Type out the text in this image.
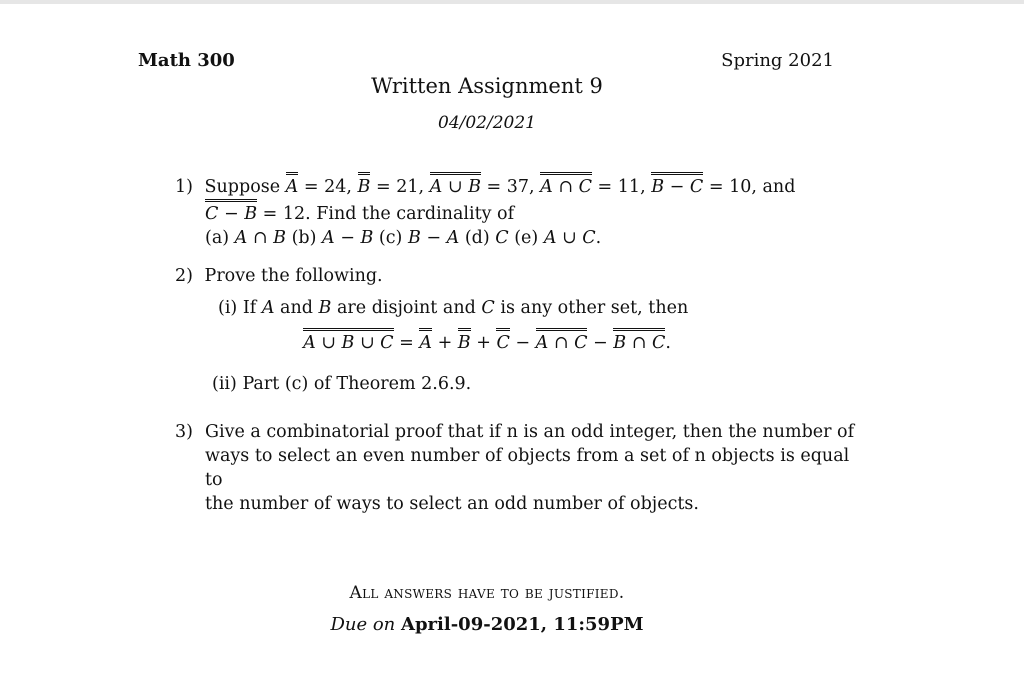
Math 300	Spring 2021
Written Assignment 9
04/02/2021
1) Suppose A = 24, B = 21, A ∪ B = 37, A ∩ C = 11, B − C = 10, and
C − B = 12. Find the cardinality of
(a) A ∩ B (b) A − B (c) B − A (d) C (e) A ∪ C.
2) Prove the following.
(i) If A and B are disjoint and C is any other set, then
A ∪ B ∪ C = A + B + C − A ∩ C − B ∩ C.
(ii) Part (c) of Theorem 2.6.9.
3) Give a combinatorial proof that if n is an odd integer, then the number of
ways to select an even number of objects from a set of n objects is equal to
the number of ways to select an odd number of objects.
All answers have to be justified.
Due on April-09-2021, 11:59PM
